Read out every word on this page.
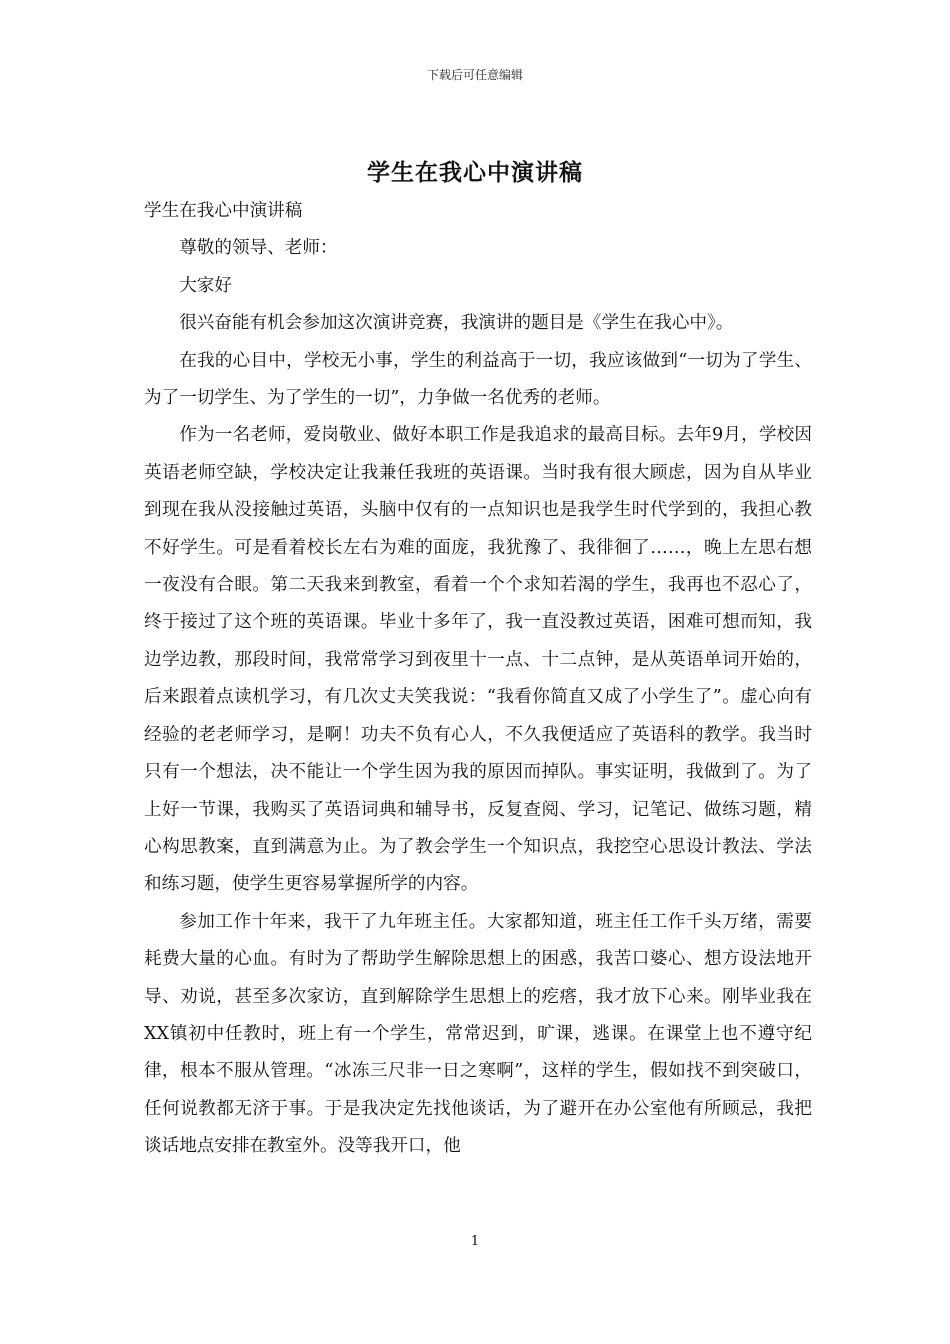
下载后可任意编辑
学生在我心中演讲稿

学生在我心中演讲稿

尊敬的领导、老师：

大家好

很兴奋能有机会参加这次演讲竞赛，我演讲的题目是《学生在我心中》。

在我的心目中，学校无小事，学生的利益高于一切，我应该做到“一切为了学生、为了一切学生、为了学生的一切”，力争做一名优秀的老师。

作为一名老师，爱岗敬业、做好本职工作是我追求的最高目标。去年9月，学校因英语老师空缺，学校决定让我兼任我班的英语课。当时我有很大顾虑，因为自从毕业到现在我从没接触过英语，头脑中仅有的一点知识也是我学生时代学到的，我担心教不好学生。可是看着校长左右为难的面庞，我犹豫了、我徘徊了……，晚上左思右想一夜没有合眼。第二天我来到教室，看着一个个求知若渴的学生，我再也不忍心了，终于接过了这个班的英语课。毕业十多年了，我一直没教过英语，困难可想而知，我边学边教，那段时间，我常常学习到夜里十一点、十二点钟，是从英语单词开始的，后来跟着点读机学习，有几次丈夫笑我说：“我看你简直又成了小学生了”。虚心向有经验的老老师学习，是啊！功夫不负有心人，不久我便适应了英语科的教学。我当时只有一个想法，决不能让一个学生因为我的原因而掉队。事实证明，我做到了。为了上好一节课，我购买了英语词典和辅导书，反复查阅、学习，记笔记、做练习题，精心构思教案，直到满意为止。为了教会学生一个知识点，我挖空心思设计教法、学法和练习题，使学生更容易掌握所学的内容。

参加工作十年来，我干了九年班主任。大家都知道，班主任工作千头万绪，需要耗费大量的心血。有时为了帮助学生解除思想上的困惑，我苦口婆心、想方设法地开导、劝说，甚至多次家访，直到解除学生思想上的疙瘩，我才放下心来。刚毕业我在XX镇初中任教时，班上有一个学生，常常迟到，旷课，逃课。在课堂上也不遵守纪律，根本不服从管理。“冰冻三尺非一日之寒啊”，这样的学生，假如找不到突破口，任何说教都无济于事。于是我决定先找他谈话，为了避开在办公室他有所顾忌，我把谈话地点安排在教室外。没等我开口，他

1
